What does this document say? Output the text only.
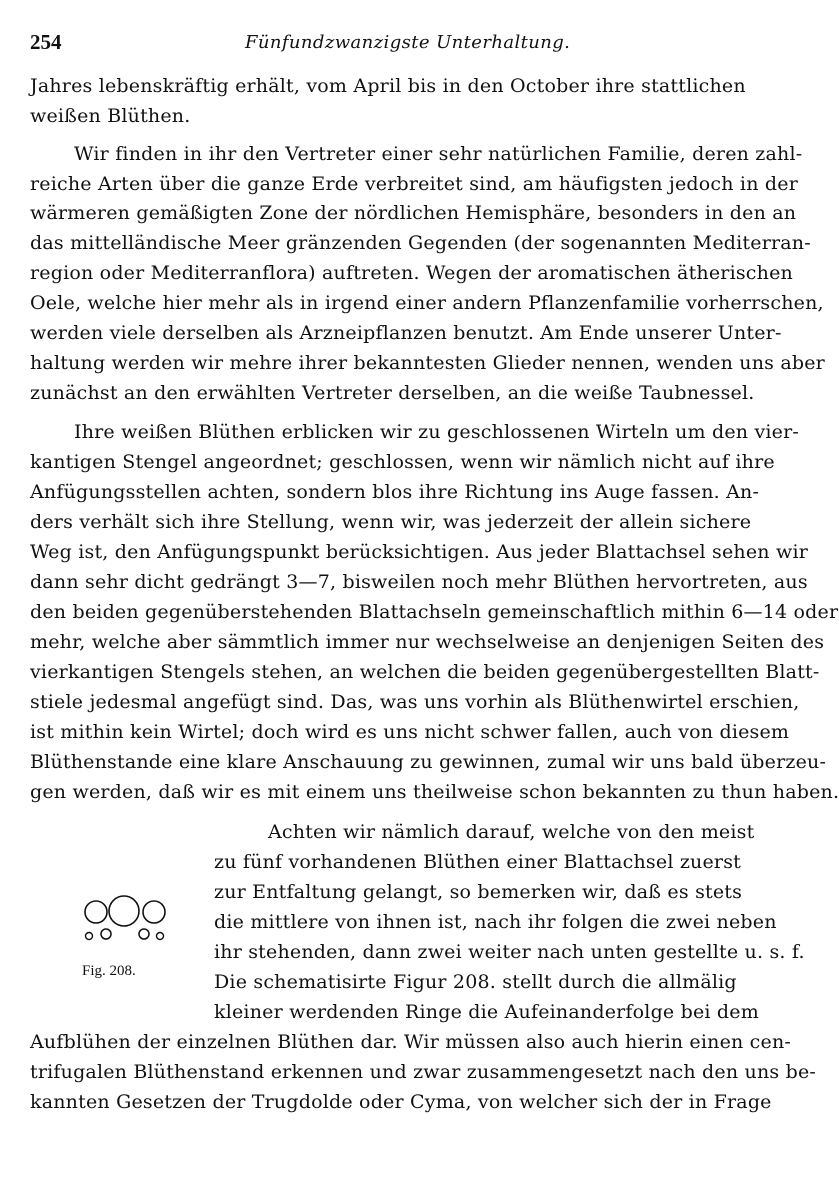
254	Fünfundzwanzigste Unterhaltung.
Jahres lebenskräftig erhält, vom April bis in den October ihre stattlichen
weißen Blüthen.
Wir finden in ihr den Vertreter einer sehr natürlichen Familie, deren zahl-
reiche Arten über die ganze Erde verbreitet sind, am häufigsten jedoch in der
wärmeren gemäßigten Zone der nördlichen Hemisphäre, besonders in den an
das mittelländische Meer gränzenden Gegenden (der sogenannten Mediterran-
region oder Mediterranflora) auftreten. Wegen der aromatischen ätherischen
Oele, welche hier mehr als in irgend einer andern Pflanzenfamilie vorherrschen,
werden viele derselben als Arzneipflanzen benutzt. Am Ende unserer Unter-
haltung werden wir mehre ihrer bekanntesten Glieder nennen, wenden uns aber
zunächst an den erwählten Vertreter derselben, an die weiße Taubnessel.
Ihre weißen Blüthen erblicken wir zu geschlossenen Wirteln um den vier-
kantigen Stengel angeordnet; geschlossen, wenn wir nämlich nicht auf ihre
Anfügungsstellen achten, sondern blos ihre Richtung ins Auge fassen. An-
ders verhält sich ihre Stellung, wenn wir, was jederzeit der allein sichere
Weg ist, den Anfügungspunkt berücksichtigen. Aus jeder Blattachsel sehen wir
dann sehr dicht gedrängt 3—7, bisweilen noch mehr Blüthen hervortreten, aus
den beiden gegenüberstehenden Blattachseln gemeinschaftlich mithin 6—14 oder
mehr, welche aber sämmtlich immer nur wechselweise an denjenigen Seiten des
vierkantigen Stengels stehen, an welchen die beiden gegenübergestellten Blatt-
stiele jedesmal angefügt sind. Das, was uns vorhin als Blüthenwirtel erschien,
ist mithin kein Wirtel; doch wird es uns nicht schwer fallen, auch von diesem
Blüthenstande eine klare Anschauung zu gewinnen, zumal wir uns bald überzeu-
gen werden, daß wir es mit einem uns theilweise schon bekannten zu thun haben.
Achten wir nämlich darauf, welche von den meist
zu fünf vorhandenen Blüthen einer Blattachsel zuerst
zur Entfaltung gelangt, so bemerken wir, daß es stets
die mittlere von ihnen ist, nach ihr folgen die zwei neben
ihr stehenden, dann zwei weiter nach unten gestellte u. s. f.
Die schematisirte Figur 208. stellt durch die allmälig
kleiner werdenden Ringe die Aufeinanderfolge bei dem
Aufblühen der einzelnen Blüthen dar. Wir müssen also auch hierin einen cen-
trifugalen Blüthenstand erkennen und zwar zusammengesetzt nach den uns be-
kannten Gesetzen der Trugdolde oder Cyma, von welcher sich der in Frage
Fig. 208.
